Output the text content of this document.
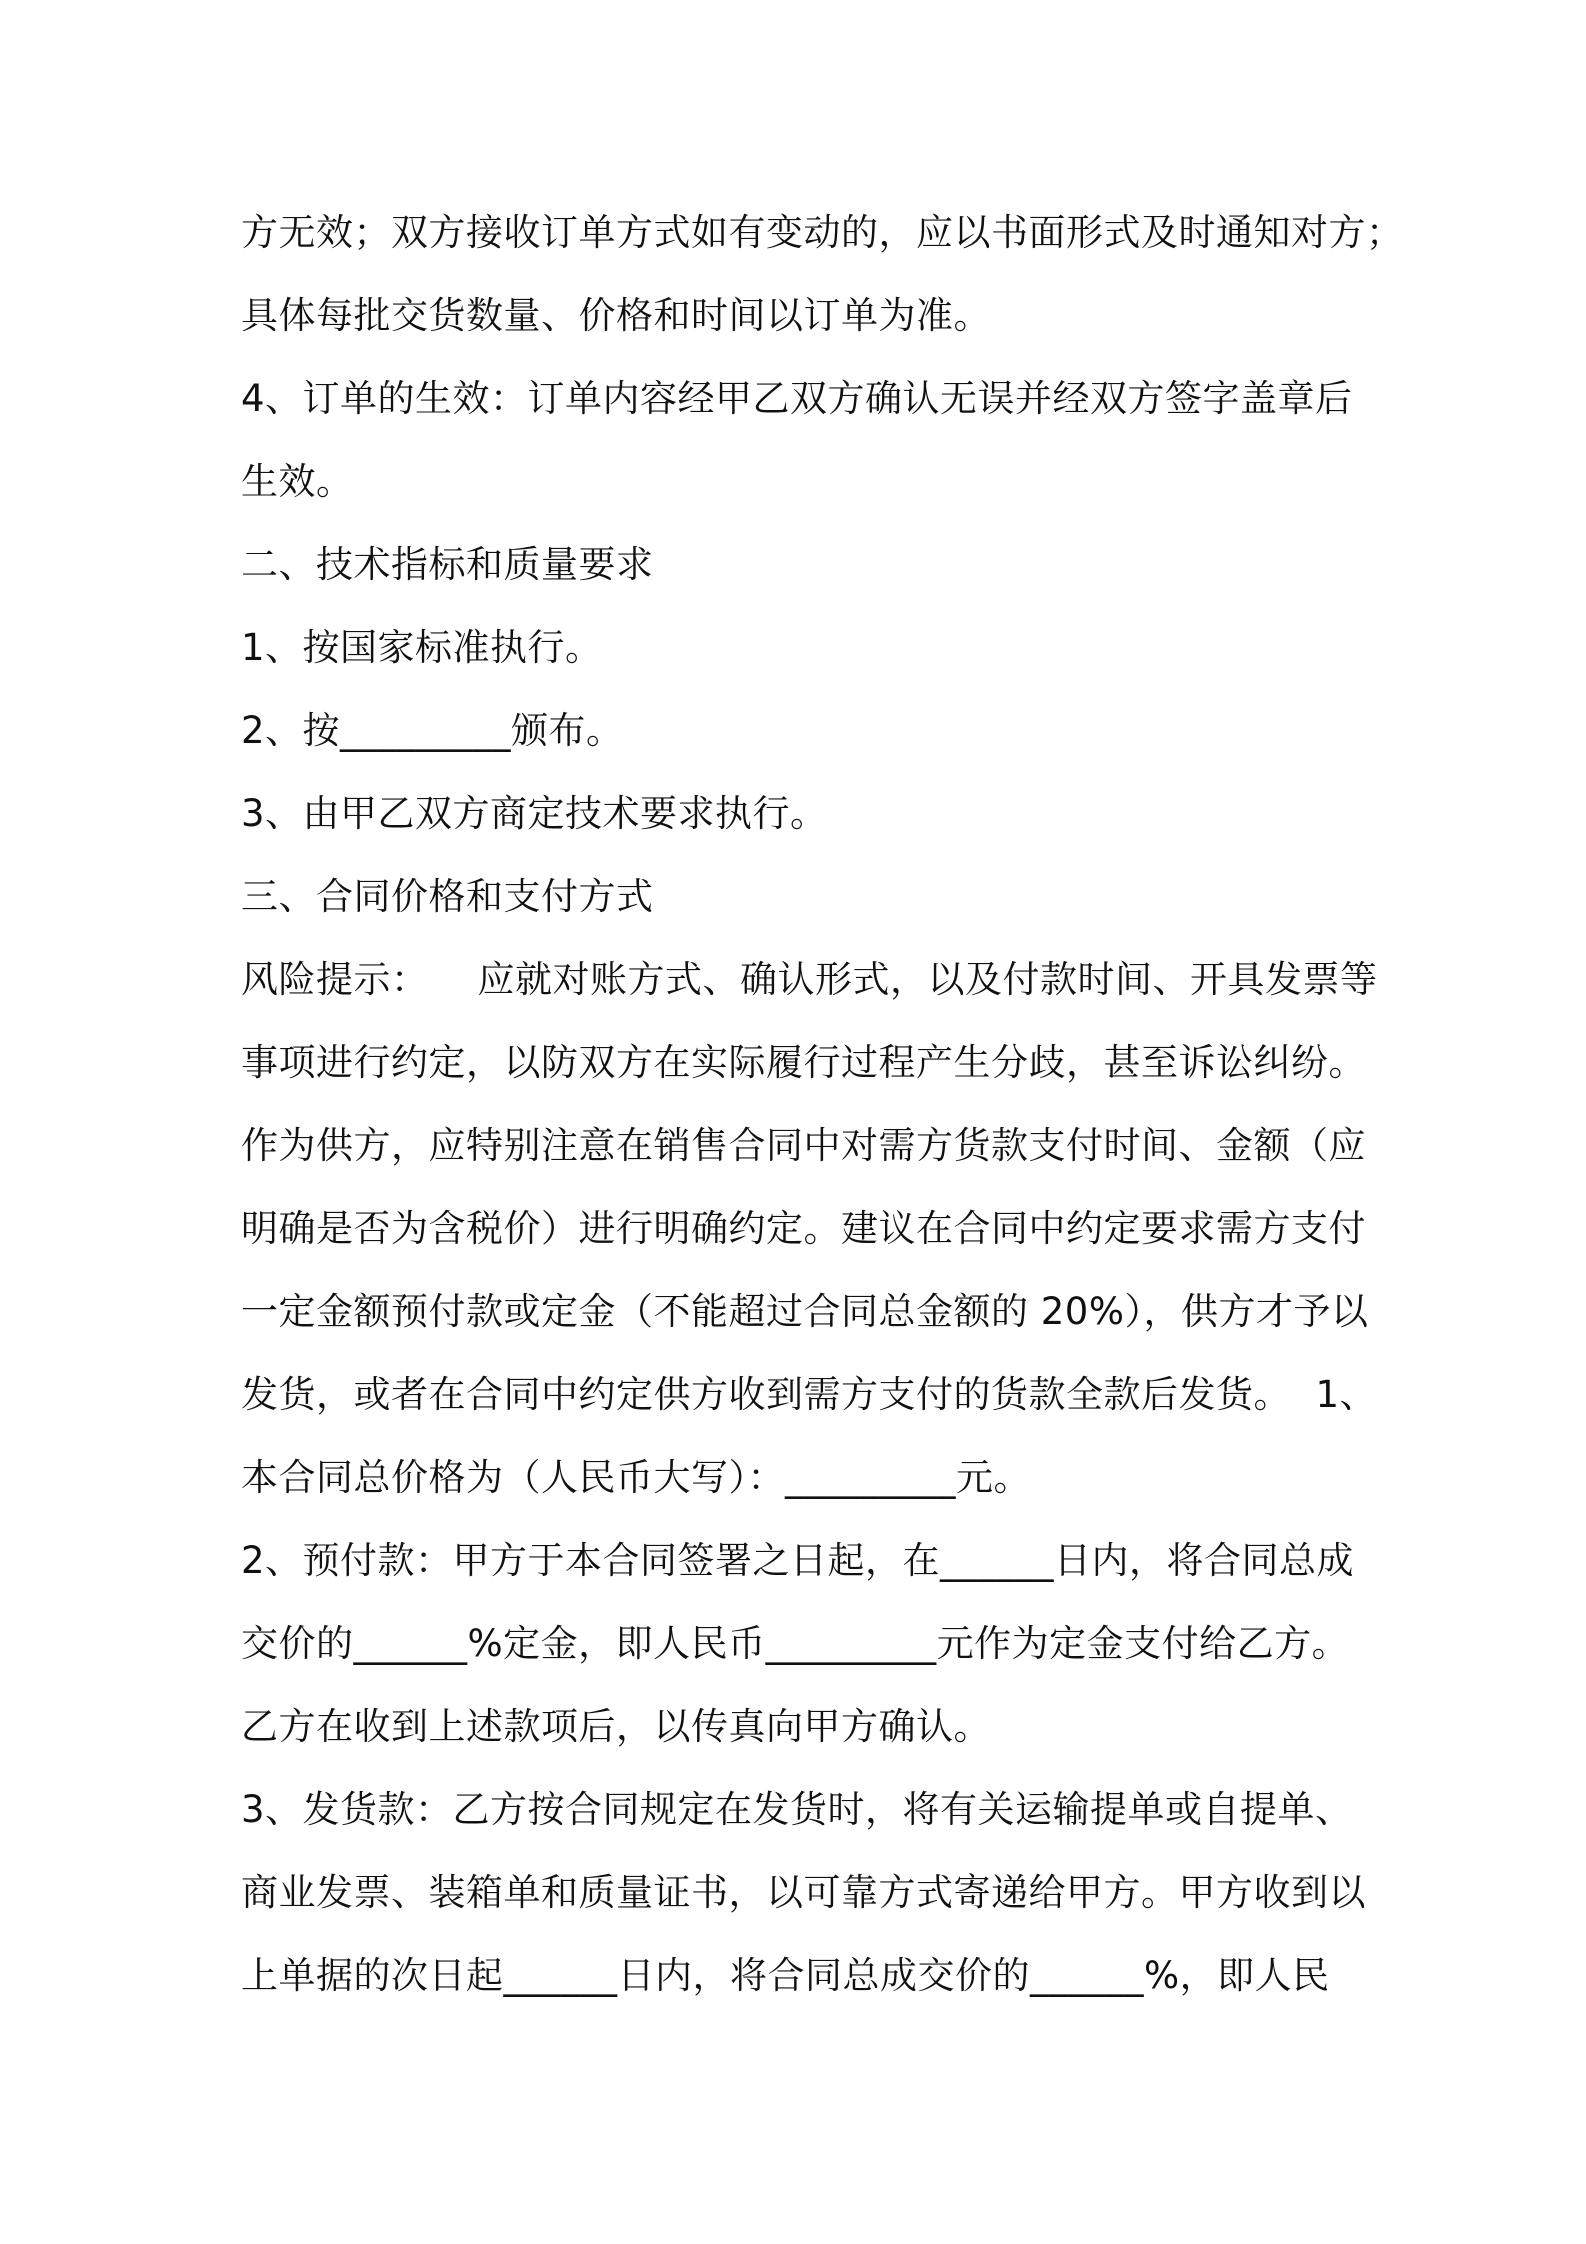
方无效；双方接收订单方式如有变动的，应以书面形式及时通知对方；
具体每批交货数量、价格和时间以订单为准。
4、订单的生效：订单内容经甲乙双方确认无误并经双方签字盖章后
生效。
二、技术指标和质量要求
1、按国家标准执行。
2、按_________颁布。
3、由甲乙双方商定技术要求执行。
三、合同价格和支付方式
风险提示：    应就对账方式、确认形式，以及付款时间、开具发票等
事项进行约定，以防双方在实际履行过程产生分歧，甚至诉讼纠纷。
作为供方，应特别注意在销售合同中对需方货款支付时间、金额（应
明确是否为含税价）进行明确约定。建议在合同中约定要求需方支付
一定金额预付款或定金（不能超过合同总金额的 20%），供方才予以
发货，或者在合同中约定供方收到需方支付的货款全款后发货。  1、
本合同总价格为（人民币大写）：_________元。
2、预付款：甲方于本合同签署之日起，在______日内，将合同总成
交价的______%定金，即人民币_________元作为定金支付给乙方。
乙方在收到上述款项后，以传真向甲方确认。
3、发货款：乙方按合同规定在发货时，将有关运输提单或自提单、
商业发票、装箱单和质量证书，以可靠方式寄递给甲方。甲方收到以
上单据的次日起______日内，将合同总成交价的______%，即人民
